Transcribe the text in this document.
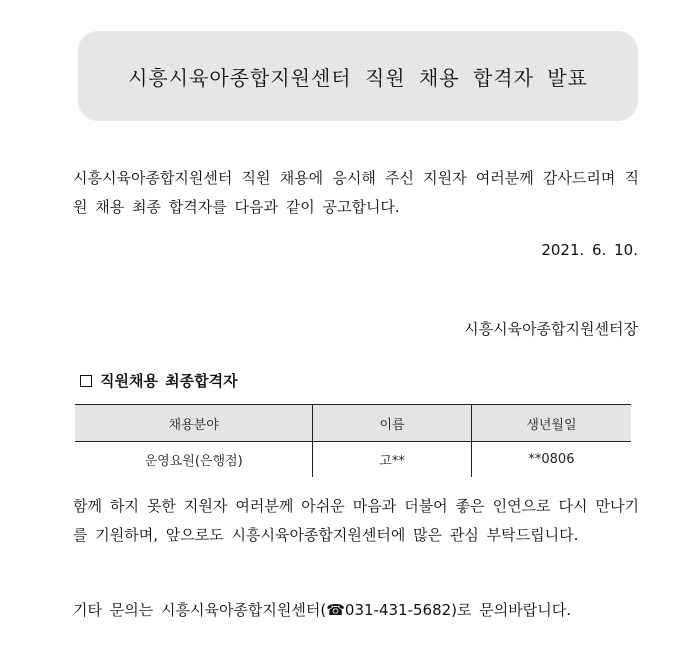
시흥시육아종합지원센터 직원 채용 합격자 발표
시흥시육아종합지원센터 직원 채용에 응시해 주신 지원자 여러분께 감사드리며 직원 채용 최종 합격자를 다음과 같이 공고합니다.
2021. 6. 10.
시흥시육아종합지원센터장
직원채용 최종합격자
채용분야	이름	생년월일
운영요원(은행점)	고**	**0806
함께 하지 못한 지원자 여러분께 아쉬운 마음과 더불어 좋은 인연으로 다시 만나기를 기원하며, 앞으로도 시흥시육아종합지원센터에 많은 관심 부탁드립니다.
기타 문의는 시흥시육아종합지원센터(☎031-431-5682)로 문의바랍니다.
